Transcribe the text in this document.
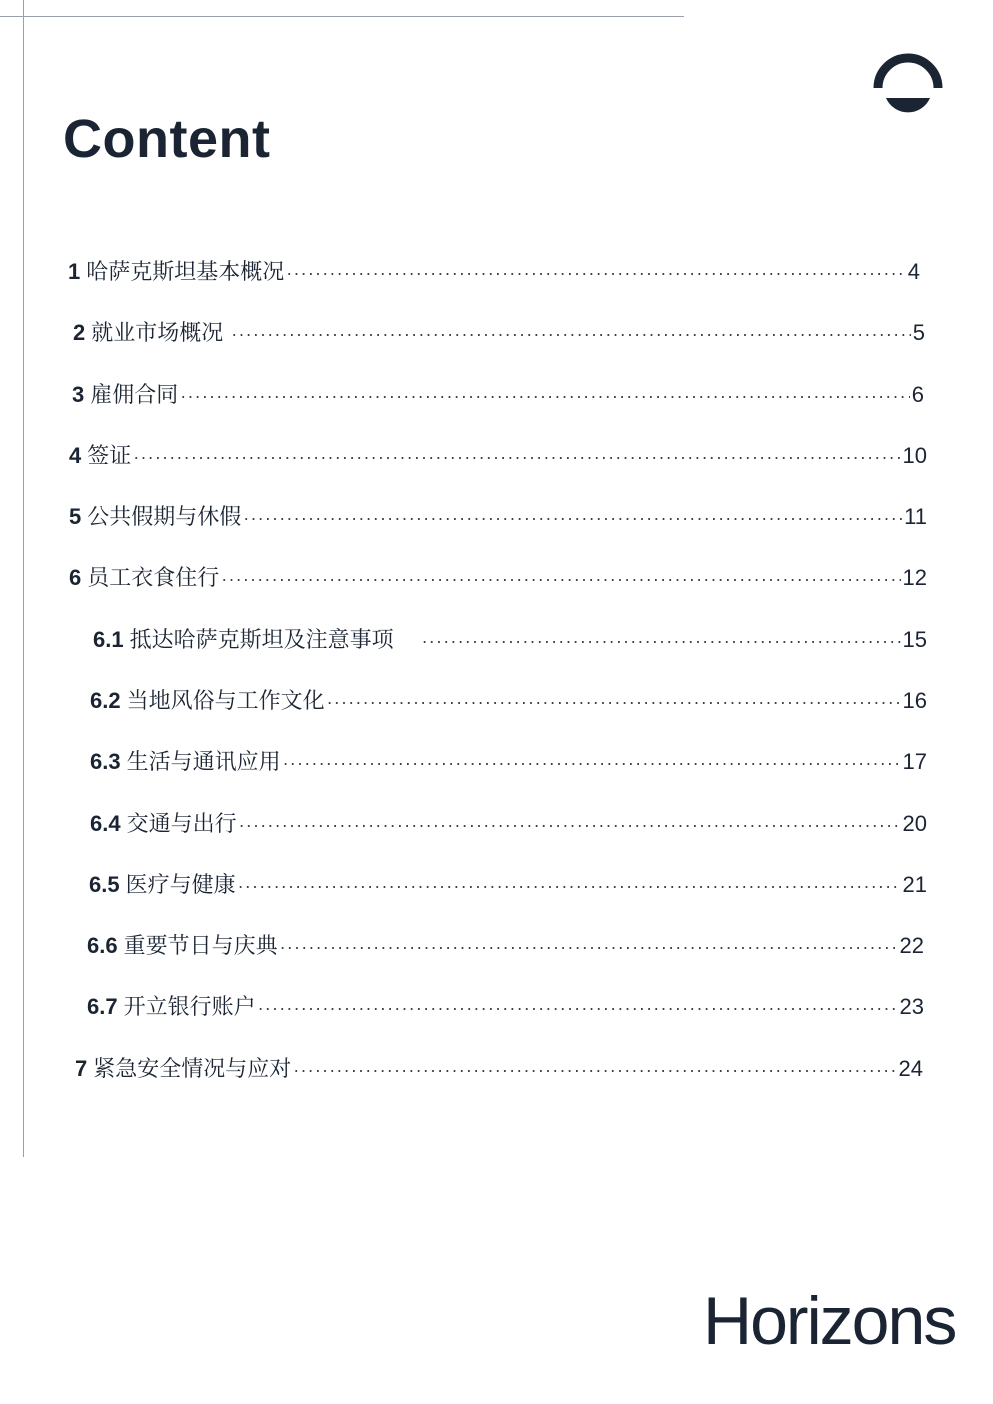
Content
1 哈萨克斯坦基本概况 ·····	4
2 就业市场概况 ·····	5
3 雇佣合同 ·····	6
4 签证 ·····	10
5 公共假期与休假 ·····	11
6 员工衣食住行 ·····	12
6.1 抵达哈萨克斯坦及注意事项 ·····	15
6.2 当地风俗与工作文化 ·····	16
6.3 生活与通讯应用 ·····	17
6.4 交通与出行 ·····	20
6.5 医疗与健康 ·····	21
6.6 重要节日与庆典 ·····	22
6.7 开立银行账户 ·····	23
7 紧急安全情况与应对 ·····	24
Horizons
